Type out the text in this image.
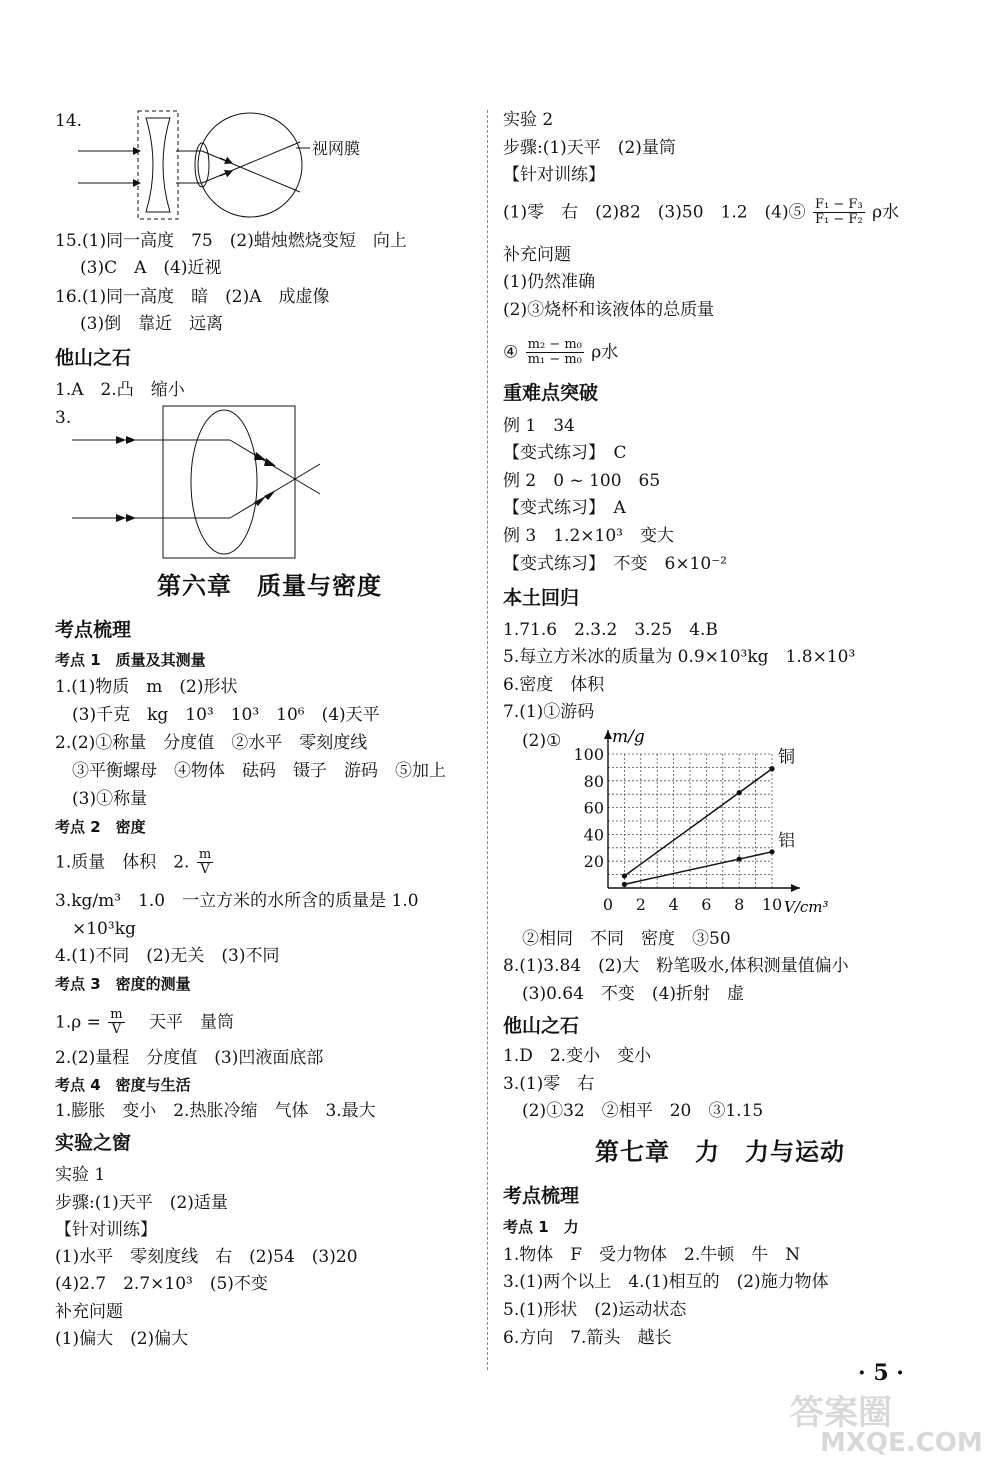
14.
视网膜
15.(1)同一高度　75　(2)蜡烛燃烧变短　向上
(3)C　A　(4)近视
16.(1)同一高度　暗　(2)A　成虚像
(3)倒　靠近　远离
他山之石
1.A　2.凸　缩小
3.
第六章　质量与密度
考点梳理
考点 1　质量及其测量
1.(1)物质　m　(2)形状
(3)千克　kg　10³　10³　10⁶　(4)天平
2.(2)①称量　分度值　②水平　零刻度线
③平衡螺母　④物体　砝码　镊子　游码　⑤加上
(3)①称量
考点 2　密度
1.质量　体积　2. $\frac{m}{V}$
3.kg/m³　1.0　一立方米的水所含的质量是 1.0
×10³kg
4.(1)不同　(2)无关　(3)不同
考点 3　密度的测量
$1.\rho = \frac{m}{V}$ 　天平　量筒
2.(2)量程　分度值　(3)凹液面底部
考点 4　密度与生活
1.膨胀　变小　2.热胀冷缩　气体　3.最大
实验之窗
实验 1
步骤:(1)天平　(2)适量
【针对训练】
(1)水平　零刻度线　右　(2)54　(3)20
(4)2.7　2.7×10³　(5)不变
补充问题
(1)偏大　(2)偏大
实验 2
步骤:(1)天平　(2)量筒
【针对训练】
(1)零　右　(2)82　(3)50　1.2　(4)⑤ $\frac{\text{F₁ − F₃}}{\text{F₁ − F₂}}$ ρ水
补充问题
(1)仍然准确
(2)③烧杯和该液体的总质量
④ $\frac{\text{m₂ − m₀}}{\text{m₁ − m₀}}$ ρ水
重难点突破
例 1　34
【变式练习】　C
例 2　0 ~ 100　65
【变式练习】　A
例 3　1.2×10³　变大
【变式练习】　不变　6×10⁻²
本土回归
1.71.6　2.3.2　3.25　4.B
5.每立方米冰的质量为 0.9×10³kg　1.8×10³
6.密度　体积
7.(1)①游码
(2)①
0 2 4 6 8 10
20
40
60
80
100	铜
铝
m/g
V/cm³
②相同　不同　密度　③50
8.(1)3.84　(2)大　粉笔吸水,体积测量值偏小
(3)0.64　不变　(4)折射　虚
他山之石
1.D　2.变小　变小
3.(1)零　右
(2)①32　②相平　20　③1.15
第七章　力　力与运动
考点梳理
考点 1　力
1.物体　F　受力物体　2.牛顿　牛　N
3.(1)两个以上　4.(1)相互的　(2)施力物体
5.(1)形状　(2)运动状态
6.方向　7.箭头　越长
· 5 ·
答案圈
MXQE.COM
